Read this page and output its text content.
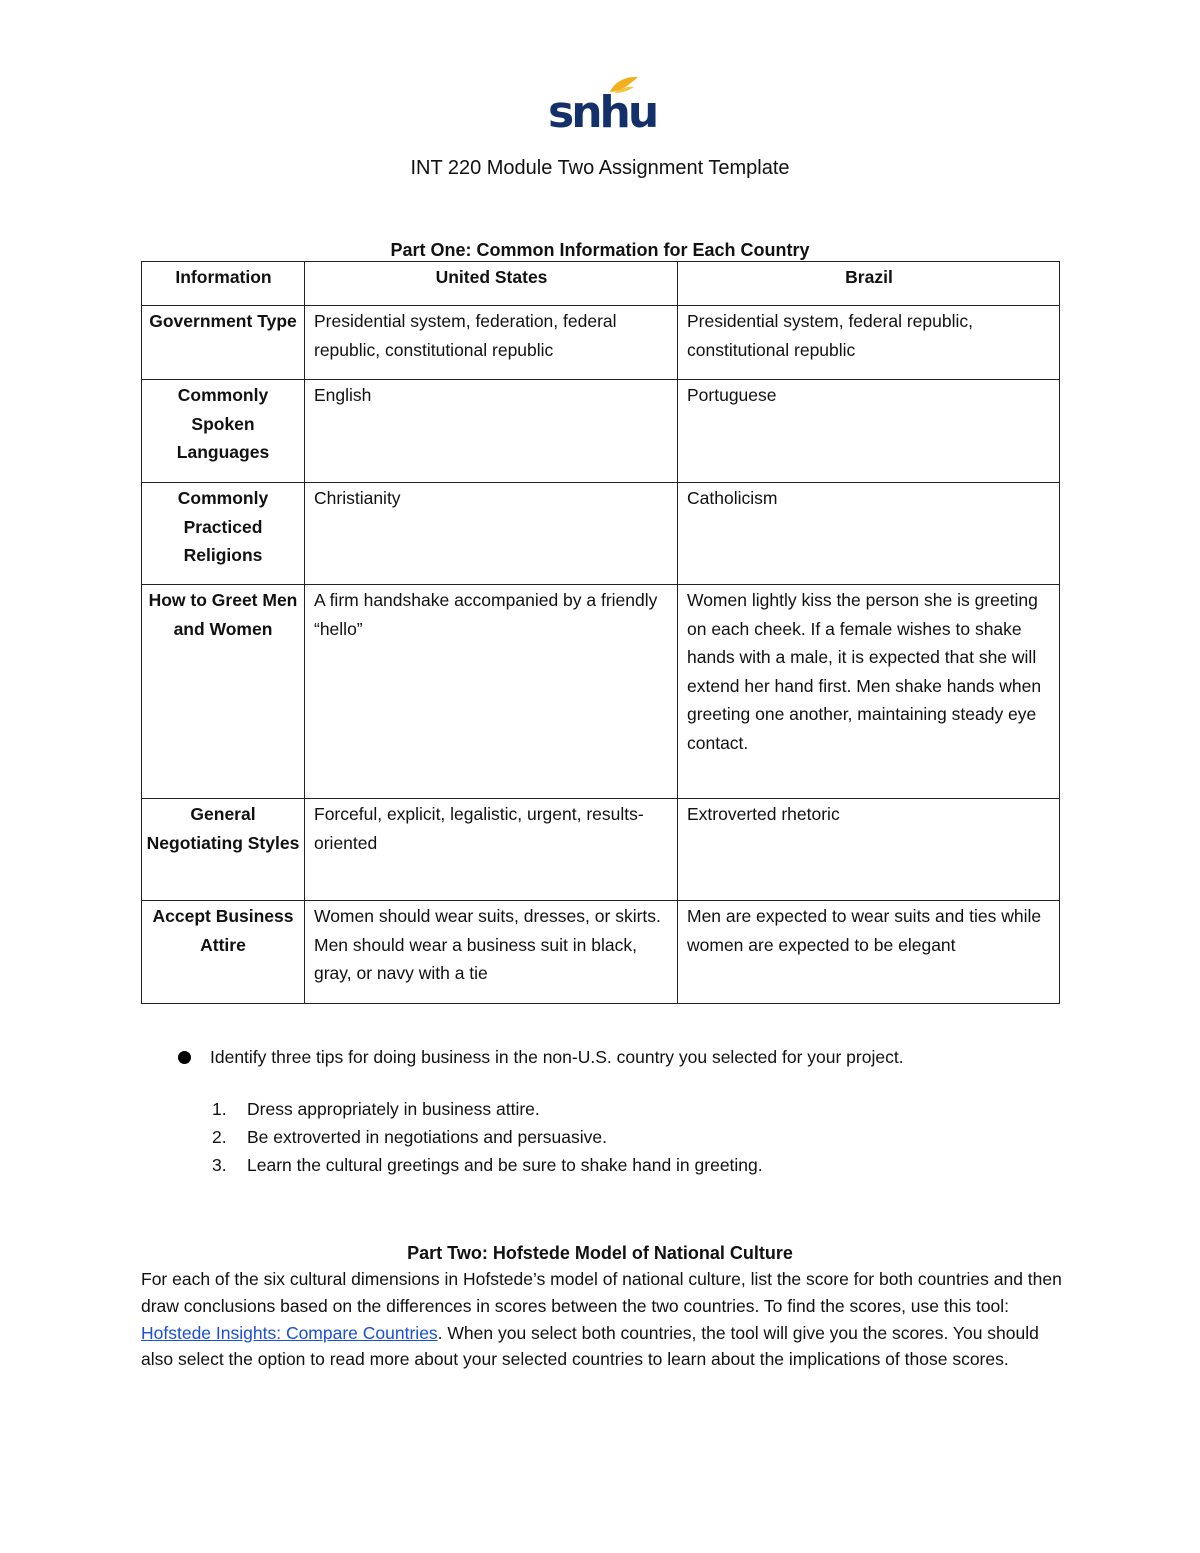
snhu
INT 220 Module Two Assignment Template
Part One: Common Information for Each Country
Information	United States	Brazil
Government Type	Presidential system, federation, federal republic, constitutional republic	Presidential system, federal republic, constitutional republic
Commonly Spoken Languages	English	Portuguese
Commonly Practiced Religions	Christianity	Catholicism
How to Greet Men and Women	A firm handshake accompanied by a friendly “hello”	Women lightly kiss the person she is greeting on each cheek. If a female wishes to shake hands with a male, it is expected that she will extend her hand first. Men shake hands when greeting one another, maintaining steady eye contact.
General Negotiating Styles	Forceful, explicit, legalistic, urgent, results-oriented	Extroverted rhetoric
Accept Business Attire	Women should wear suits, dresses, or skirts. Men should wear a business suit in black, gray, or navy with a tie	Men are expected to wear suits and ties while women are expected to be elegant
Identify three tips for doing business in the non-U.S. country you selected for your project.
1. Dress appropriately in business attire.
2. Be extroverted in negotiations and persuasive.
3. Learn the cultural greetings and be sure to shake hand in greeting.
Part Two: Hofstede Model of National Culture
For each of the six cultural dimensions in Hofstede’s model of national culture, list the score for both countries and then draw conclusions based on the differences in scores between the two countries. To find the scores, use this tool: Hofstede Insights: Compare Countries. When you select both countries, the tool will give you the scores. You should also select the option to read more about your selected countries to learn about the implications of those scores.
